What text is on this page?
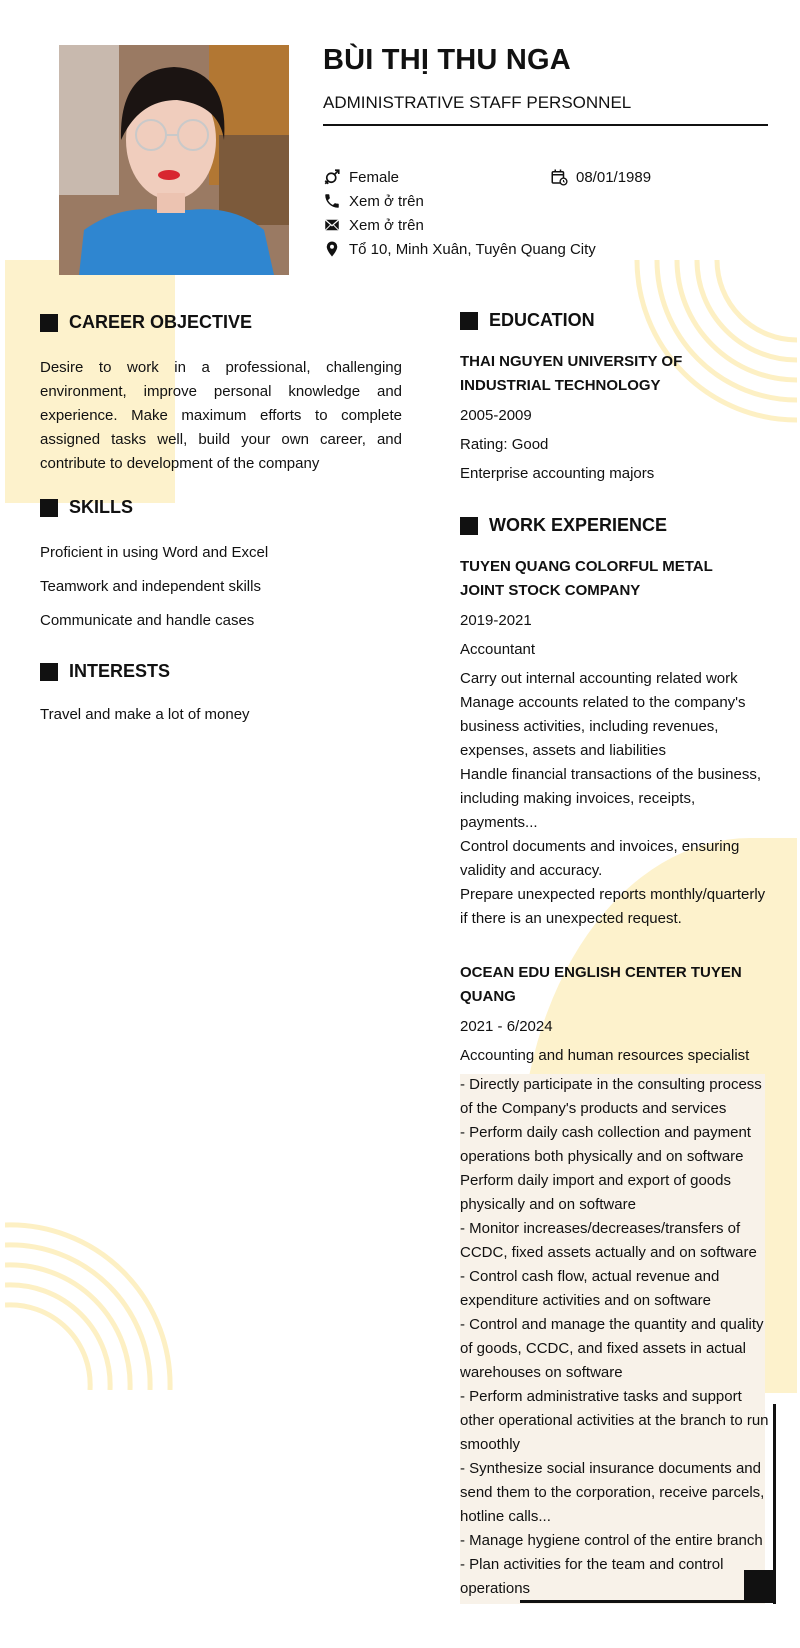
BÙI THỊ THU NGA
ADMINISTRATIVE STAFF PERSONNEL
Female	08/01/1989
Xem ở trên
Xem ở trên
Tổ 10, Minh Xuân, Tuyên Quang City
CAREER OBJECTIVE
Desire to work in a professional, challenging environment, improve personal knowledge and experience. Make maximum efforts to complete assigned tasks well, build your own career, and contribute to development of the company
SKILLS
Proficient in using Word and Excel
Teamwork and independent skills
Communicate and handle cases
INTERESTS
Travel and make a lot of money
EDUCATION
THAI NGUYEN UNIVERSITY OF INDUSTRIAL TECHNOLOGY
2005-2009
Rating: Good
Enterprise accounting majors
WORK EXPERIENCE
TUYEN QUANG COLORFUL METAL JOINT STOCK COMPANY
2019-2021
Accountant
Carry out internal accounting related work
Manage accounts related to the company's business activities, including revenues, expenses, assets and liabilities
Handle financial transactions of the business, including making invoices, receipts, payments...
Control documents and invoices, ensuring validity and accuracy.
Prepare unexpected reports monthly/quarterly if there is an unexpected request.
OCEAN EDU ENGLISH CENTER TUYEN QUANG
2021 - 6/2024
Accounting and human resources specialist
- Directly participate in the consulting process of the Company's products and services
- Perform daily cash collection and payment operations both physically and on software
Perform daily import and export of goods physically and on software
- Monitor increases/decreases/transfers of CCDC, fixed assets actually and on software
- Control cash flow, actual revenue and expenditure activities and on software
- Control and manage the quantity and quality of goods, CCDC, and fixed assets in actual warehouses on software
- Perform administrative tasks and support other operational activities at the branch to run smoothly
- Synthesize social insurance documents and send them to the corporation, receive parcels, hotline calls...
- Manage hygiene control of the entire branch
- Plan activities for the team and control operations
